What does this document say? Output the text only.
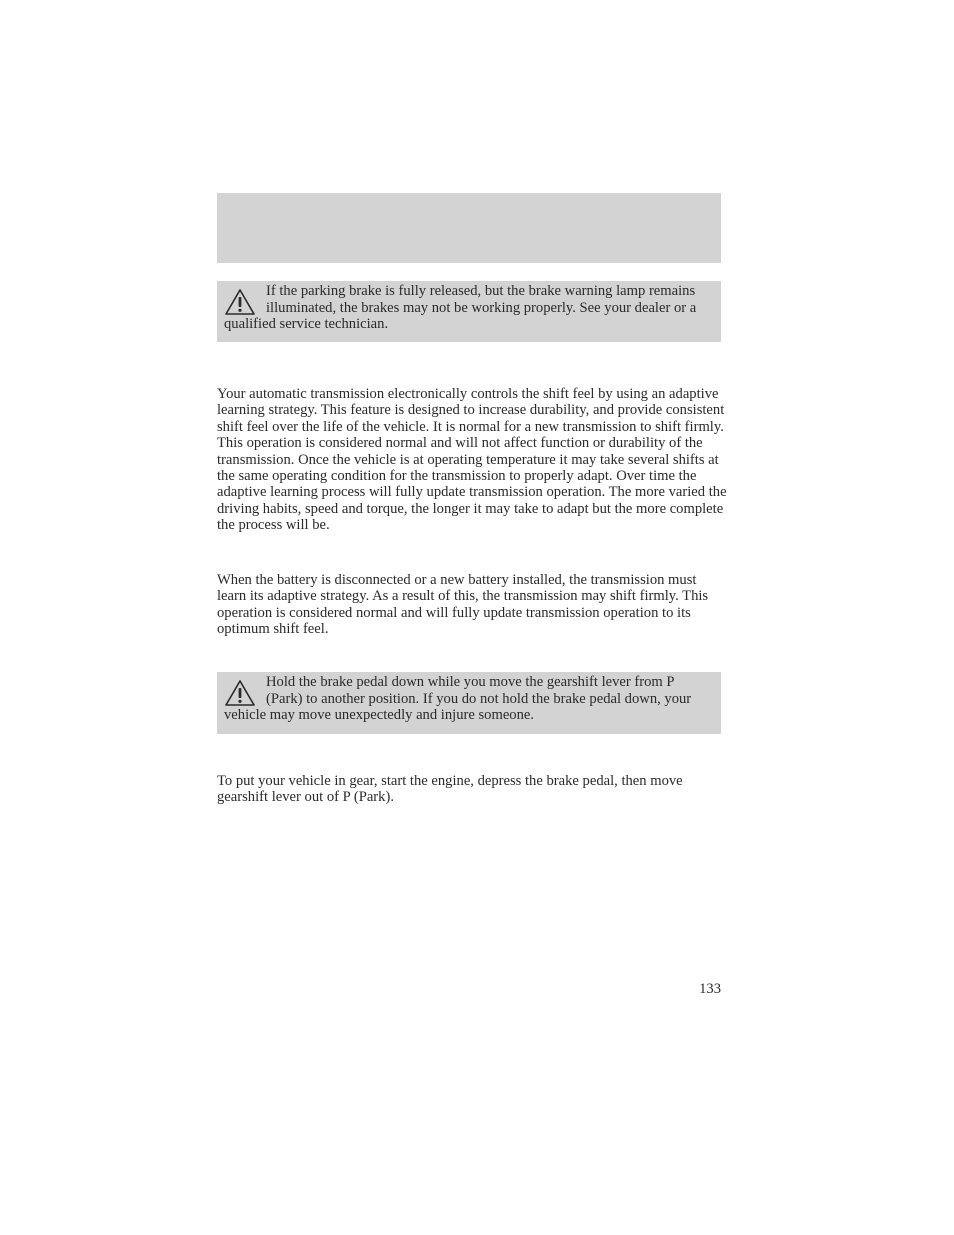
If the parking brake is fully released, but the brake warning lamp remains illuminated, the brakes may not be working properly. See your dealer or a qualified service technician.

Your automatic transmission electronically controls the shift feel by using an adaptive learning strategy. This feature is designed to increase durability, and provide consistent shift feel over the life of the vehicle. It is normal for a new transmission to shift firmly. This operation is considered normal and will not affect function or durability of the transmission. Once the vehicle is at operating temperature it may take several shifts at the same operating condition for the transmission to properly adapt. Over time the adaptive learning process will fully update transmission operation. The more varied the driving habits, speed and torque, the longer it may take to adapt but the more complete the process will be.

When the battery is disconnected or a new battery installed, the transmission must learn its adaptive strategy. As a result of this, the transmission may shift firmly. This operation is considered normal and will fully update transmission operation to its optimum shift feel.

Hold the brake pedal down while you move the gearshift lever from P (Park) to another position. If you do not hold the brake pedal down, your vehicle may move unexpectedly and injure someone.

To put your vehicle in gear, start the engine, depress the brake pedal, then move gearshift lever out of P (Park).

133
